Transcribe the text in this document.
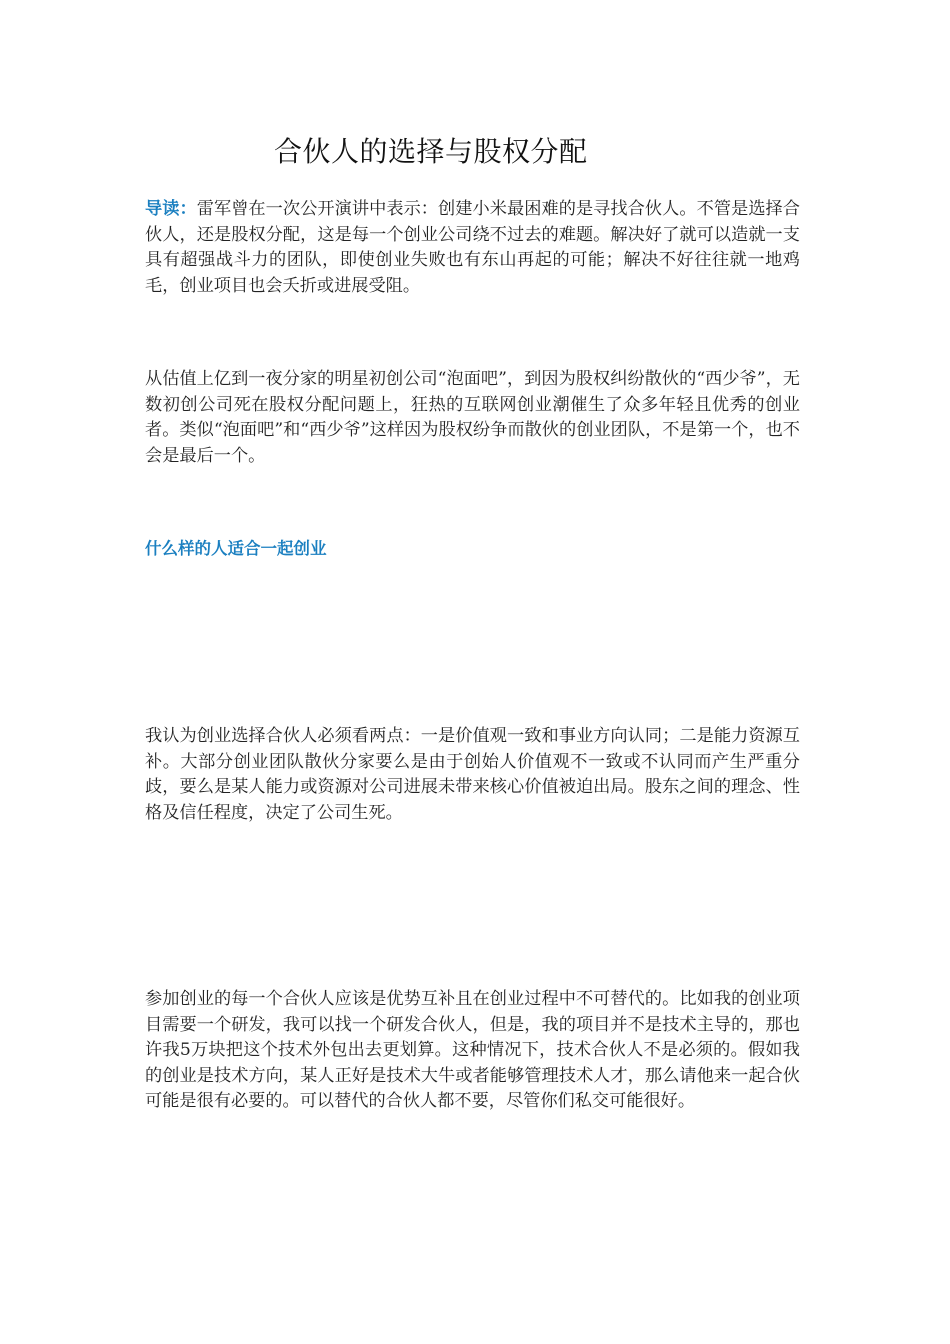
合伙人的选择与股权分配
导读：雷军曾在一次公开演讲中表示：创建小米最困难的是寻找合伙人。不管是选择合伙人，还是股权分配，这是每一个创业公司绕不过去的难题。解决好了就可以造就一支具有超强战斗力的团队，即使创业失败也有东山再起的可能；解决不好往往就一地鸡毛，创业项目也会夭折或进展受阻。
从估值上亿到一夜分家的明星初创公司“泡面吧”，到因为股权纠纷散伙的“西少爷”，无数初创公司死在股权分配问题上，狂热的互联网创业潮催生了众多年轻且优秀的创业者。类似“泡面吧”和“西少爷”这样因为股权纷争而散伙的创业团队，不是第一个，也不会是最后一个。
什么样的人适合一起创业
我认为创业选择合伙人必须看两点：一是价值观一致和事业方向认同；二是能力资源互补。大部分创业团队散伙分家要么是由于创始人价值观不一致或不认同而产生严重分歧，要么是某人能力或资源对公司进展未带来核心价值被迫出局。股东之间的理念、性格及信任程度，决定了公司生死。
参加创业的每一个合伙人应该是优势互补且在创业过程中不可替代的。比如我的创业项目需要一个研发，我可以找一个研发合伙人，但是，我的项目并不是技术主导的，那也许我5万块把这个技术外包出去更划算。这种情况下，技术合伙人不是必须的。假如我的创业是技术方向，某人正好是技术大牛或者能够管理技术人才，那么请他来一起合伙可能是很有必要的。可以替代的合伙人都不要，尽管你们私交可能很好。
